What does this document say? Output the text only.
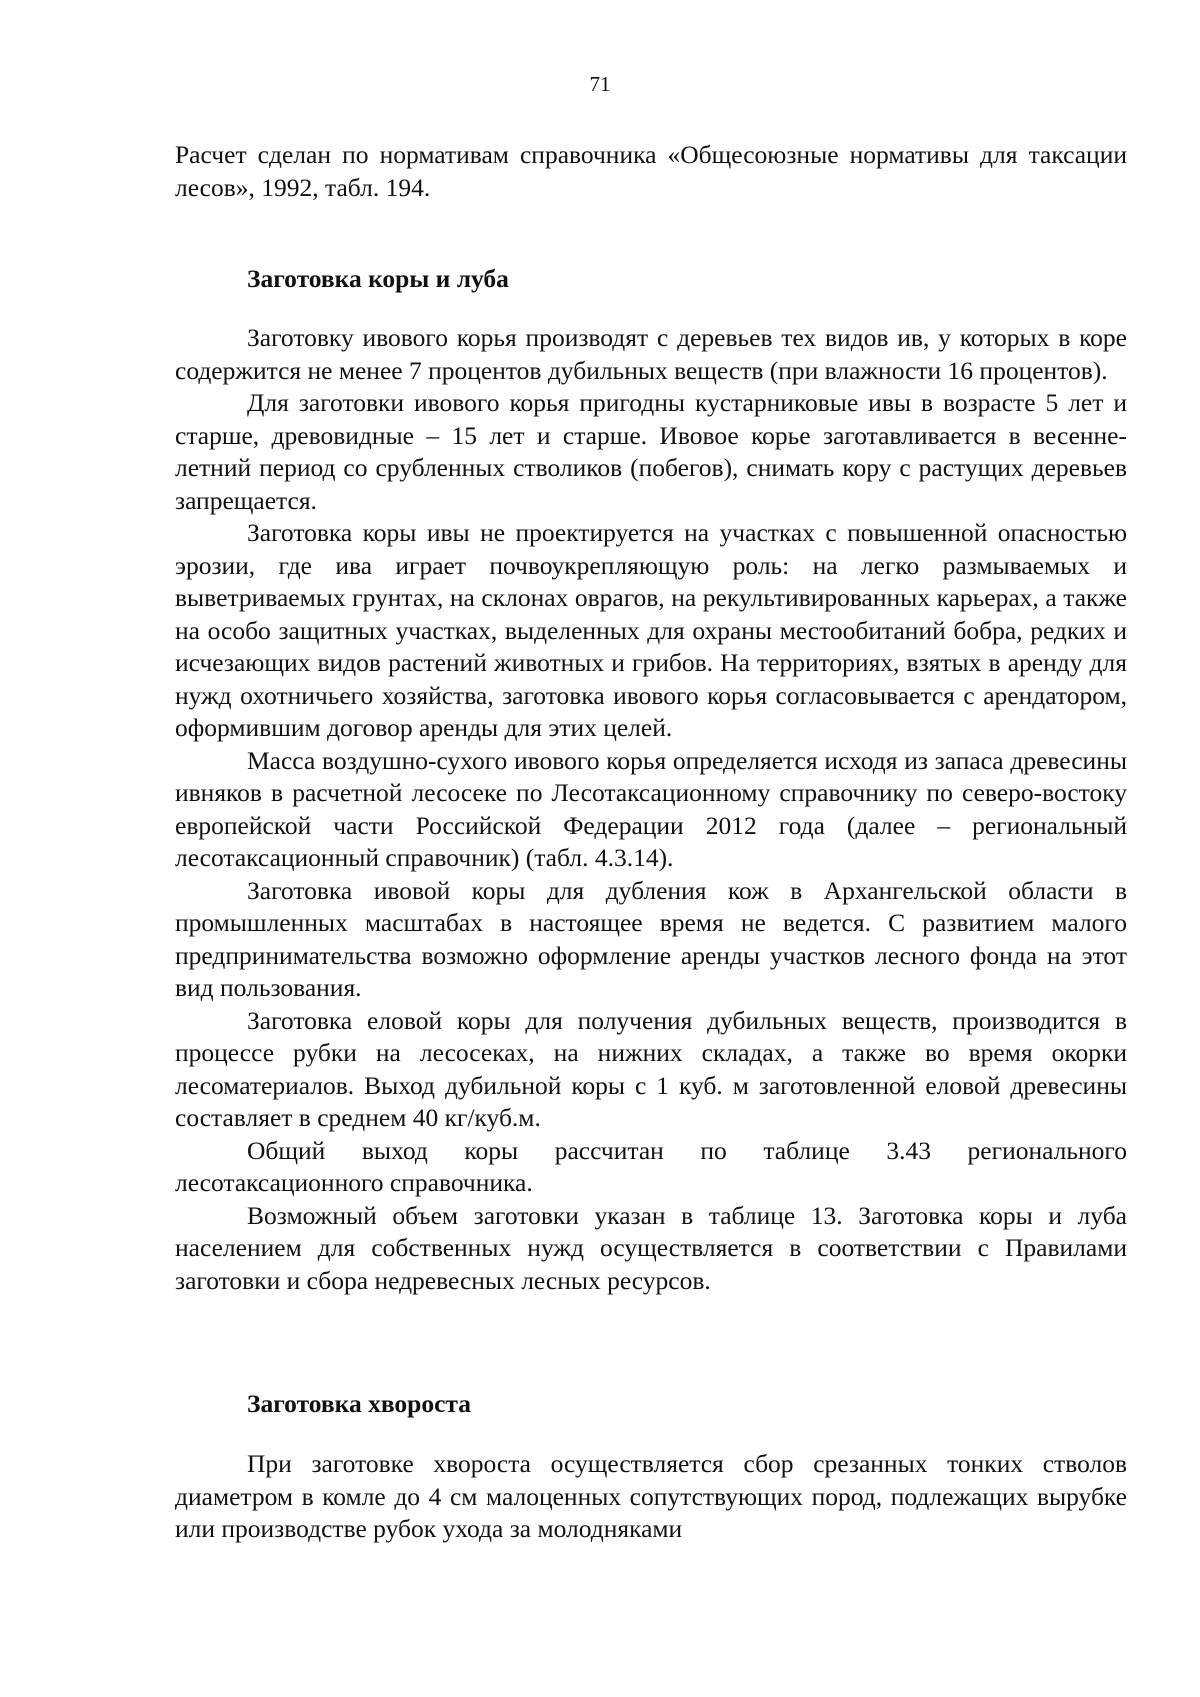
71

Расчет сделан по нормативам справочника «Общесоюзные нормативы для таксации лесов», 1992, табл. 194.

Заготовка коры и луба

Заготовку ивового корья производят с деревьев тех видов ив, у которых в коре содержится не менее 7 процентов дубильных веществ (при влажности 16 процентов).

Для заготовки ивового корья пригодны кустарниковые ивы в возрасте 5 лет и старше, древовидные – 15 лет и старше. Ивовое корье заготавливается в весенне-летний период со срубленных стволиков (побегов), снимать кору с растущих деревьев запрещается.

Заготовка коры ивы не проектируется на участках с повышенной опасностью эрозии, где ива играет почвоукрепляющую роль: на легко размываемых и выветриваемых грунтах, на склонах оврагов, на рекультивированных карьерах, а также на особо защитных участках, выделенных для охраны местообитаний бобра, редких и исчезающих видов растений животных и грибов. На территориях, взятых в аренду для нужд охотничьего хозяйства, заготовка ивового корья согласовывается с арендатором, оформившим договор аренды для этих целей.

Масса воздушно-сухого ивового корья определяется исходя из запаса древесины ивняков в расчетной лесосеке по Лесотаксационному справочнику по северо-востоку европейской части Российской Федерации 2012 года (далее – региональный лесотаксационный справочник) (табл. 4.3.14).

Заготовка ивовой коры для дубления кож в Архангельской области в промышленных масштабах в настоящее время не ведется. С развитием малого предпринимательства возможно оформление аренды участков лесного фонда на этот вид пользования.

Заготовка еловой коры для получения дубильных веществ, производится в процессе рубки на лесосеках, на нижних складах, а также во время окорки лесоматериалов. Выход дубильной коры с 1 куб. м заготовленной еловой древесины составляет в среднем 40 кг/куб.м.

Общий выход коры рассчитан по таблице 3.43 регионального лесотаксационного справочника.

Возможный объем заготовки указан в таблице 13. Заготовка коры и луба населением для собственных нужд осуществляется в соответствии с Правилами заготовки и сбора недревесных лесных ресурсов.

Заготовка хвороста

При заготовке хвороста осуществляется сбор срезанных тонких стволов диаметром в комле до 4 см малоценных сопутствующих пород, подлежащих вырубке или производстве рубок ухода за молодняками
